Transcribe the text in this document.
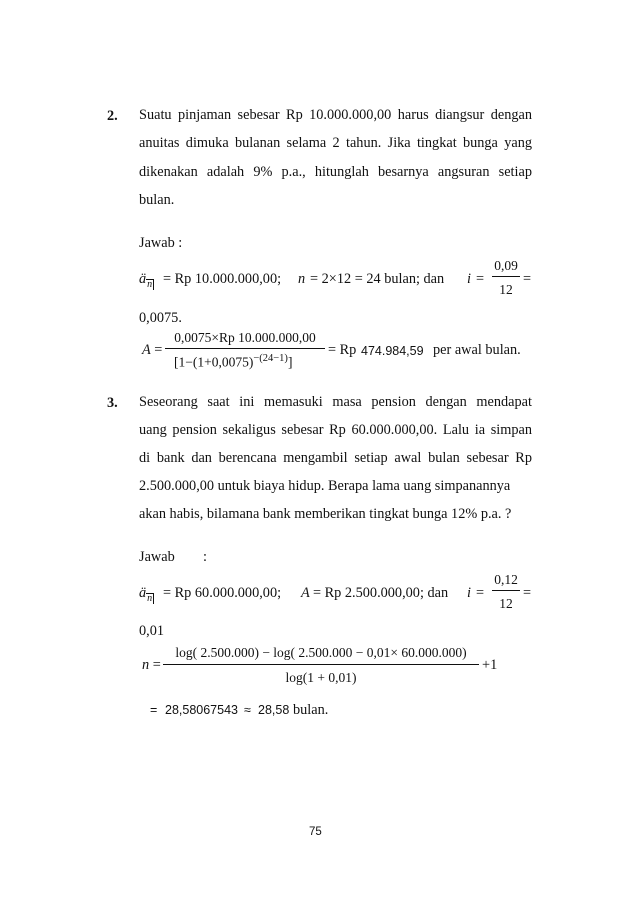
2. Suatu pinjaman sebesar Rp 10.000.000,00 harus diangsur dengan
anuitas dimuka bulanan selama 2 tahun. Jika tingkat bunga yang
dikenakan adalah 9% p.a., hitunglah besarnya angsuran setiap
bulan.
Jawab :
än = Rp 10.000.000,00; n = 2×12 = 24 bulan; dan i =
0,09
12
=
0,0075.
A =
0,0075×Rp 10.000.000,00
$[1-(1+0,0075)^{-(24-1)}]$
= Rp 474.984,59 per awal bulan.
3. Seseorang saat ini memasuki masa pension dengan mendapat
uang pension sekaligus sebesar Rp 60.000.000,00. Lalu ia simpan
di bank dan berencana mengambil setiap awal bulan sebesar Rp
2.500.000,00 untuk biaya hidup. Berapa lama uang simpanannya
akan habis, bilamana bank memberikan tingkat bunga 12% p.a. ?
Jawab :
än = Rp 60.000.000,00; A = Rp 2.500.000,00; dan i =
0,12
12
=
0,01
n =
log( 2.500.000) − log( 2.500.000 − 0,01× 60.000.000)
log(1 + 0,01)
+1
= 28,58067543 ≈ 28,58 bulan.
75
